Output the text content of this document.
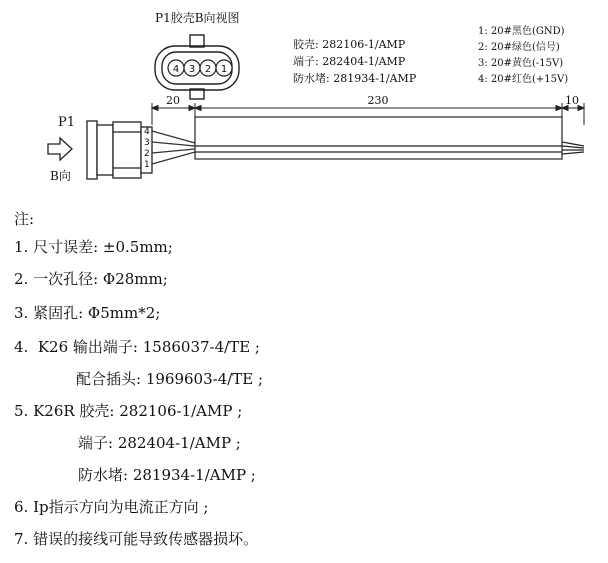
P1胶壳B向视图
4 3 2 1
胶壳: 282106-1/AMP
端子: 282404-1/AMP
防水堵: 281934-1/AMP
1: 20#黑色(GND)
2: 20#绿色(信号)
3: 20#黄色(-15V)
4: 20#红色(+15V)
20	230	10
P1
B向
4
3
2
1
注:
1. 尺寸误差: ±0.5mm;
2. 一次孔径: Φ28mm;
3. 紧固孔: Φ5mm*2;
4.  K26 输出端子: 1586037-4/TE ;
配合插头: 1969603-4/TE ;
5. K26R 胶壳: 282106-1/AMP ;
端子: 282404-1/AMP ;
防水堵: 281934-1/AMP ;
6. Ip指示方向为电流正方向 ;
7. 错误的接线可能导致传感器损坏。
